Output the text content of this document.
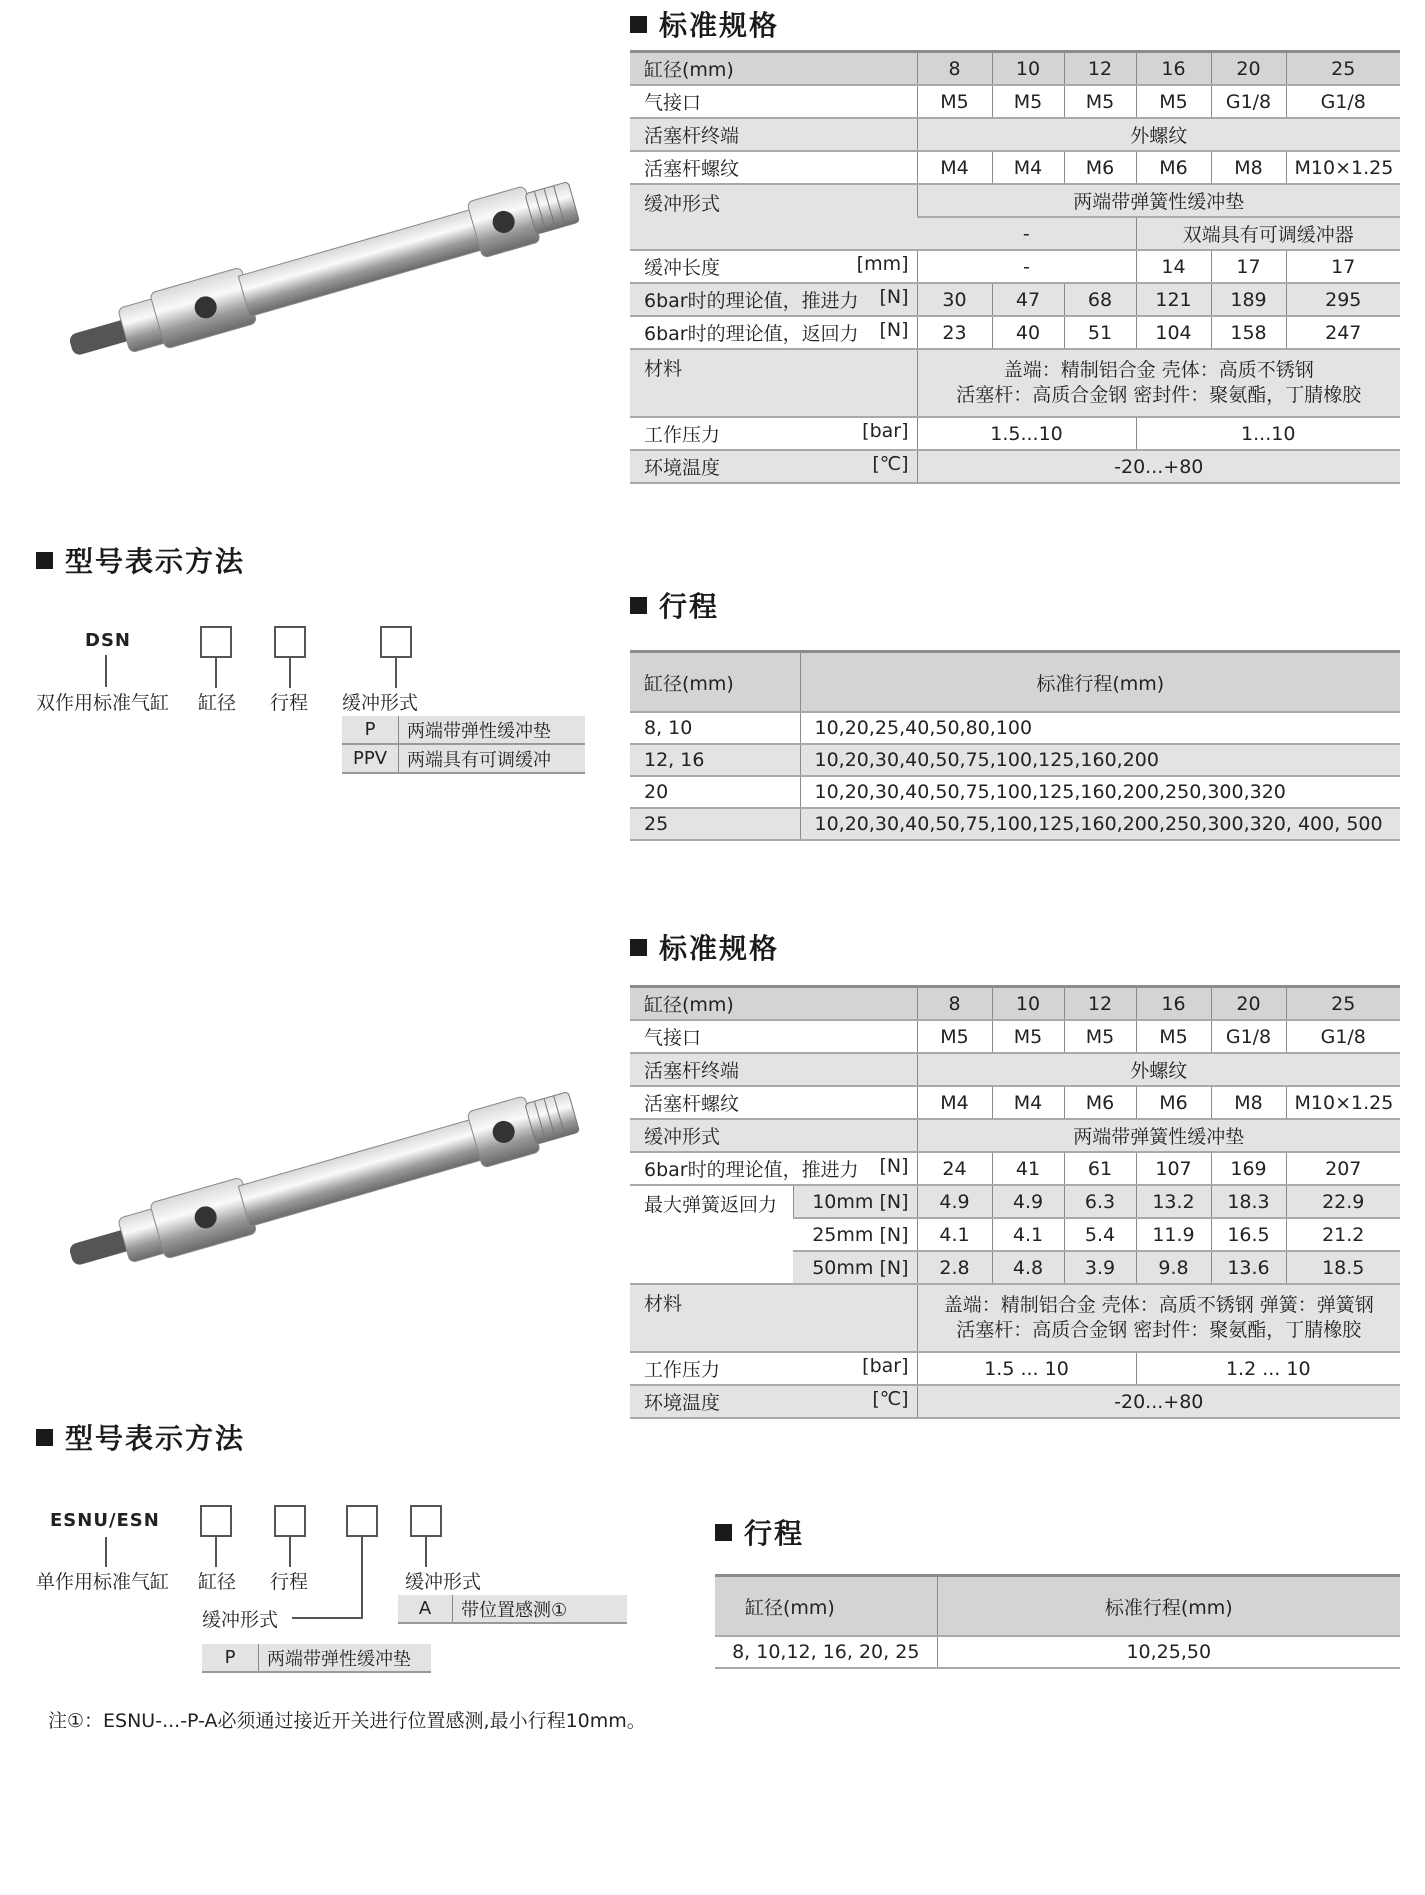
标准规格
缸径(mm)	8	10	12	16	20	25
气接口	M5	M5	M5	M5	G1/8	G1/8
活塞杆终端	外螺纹					
活塞杆螺纹	M4	M4	M6	M6	M8	M10×1.25
缓冲形式	两端带弹簧性缓冲垫					
	-			双端具有可调缓冲器		

缓冲长度 [mm]	-			14	17	17

6bar时的理论值，推进力 [N]	30	47	68	121	189	295

6bar时的理论值，返回力 [N]	23	40	51	104	158	247
材料	盖端：精制铝合金 壳体：高质不锈钢
活塞杆：高质合金钢 密封件：聚氨酯，丁腈橡胶					

工作压力 [bar]	1.5...10			1...10		

环境温度 [℃]	-20...+80					
型号表示方法
DSN
双作用标准气缸 缸径 行程 缓冲形式
P	两端带弹性缓冲垫
PPV	两端具有可调缓冲
行程
缸径(mm)	标准行程(mm)
8, 10	10,20,25,40,50,80,100
12, 16	10,20,30,40,50,75,100,125,160,200
20	10,20,30,40,50,75,100,125,160,200,250,300,320
25	10,20,30,40,50,75,100,125,160,200,250,300,320, 400, 500
标准规格
缸径(mm)		8	10	12	16	20	25
气接口		M5	M5	M5	M5	G1/8	G1/8
活塞杆终端		外螺纹					
活塞杆螺纹		M4	M4	M6	M6	M8	M10×1.25
缓冲形式		两端带弹簧性缓冲垫					

6bar时的理论值，推进力 [N]		24	41	61	107	169	207
最大弹簧返回力	10mm [N]	4.9	4.9	6.3	13.2	18.3	22.9
	25mm [N]	4.1	4.1	5.4	11.9	16.5	21.2
	50mm [N]	2.8	4.8	3.9	9.8	13.6	18.5
材料		盖端：精制铝合金 壳体：高质不锈钢 弹簧：弹簧钢
活塞杆：高质合金钢 密封件：聚氨酯，丁腈橡胶					

工作压力 [bar]		1.5 ... 10			1.2 ... 10		

环境温度 [℃]		-20...+80					
型号表示方法
ESNU/ESN
单作用标准气缸 缸径 行程	缓冲形式
A	带位置感测①
缓冲形式
P	两端带弹性缓冲垫
行程
缸径(mm)	标准行程(mm)
8, 10,12, 16, 20, 25	10,25,50
注①：ESNU-...-P-A必须通过接近开关进行位置感测,最小行程10mm。
